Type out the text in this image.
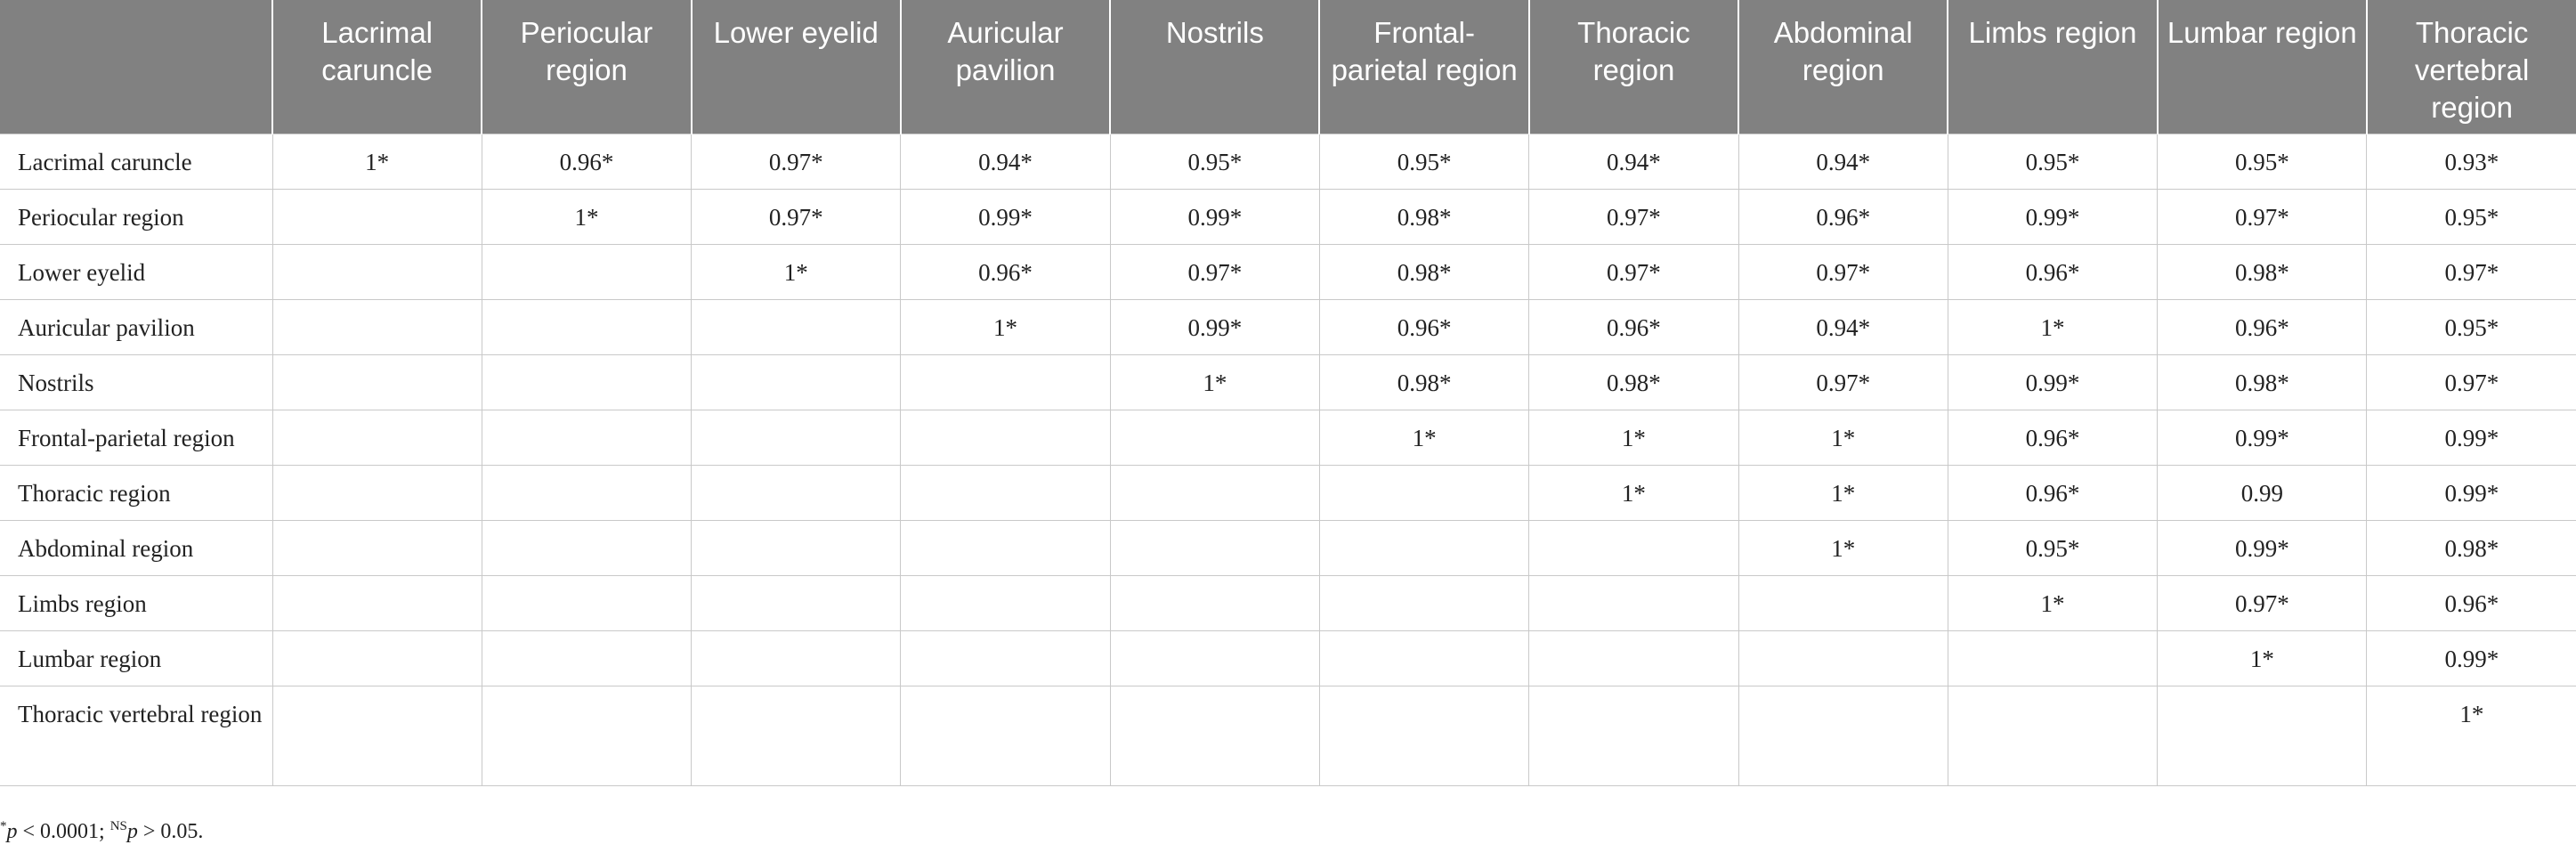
	Lacrimal caruncle	Periocular region	Lower eyelid	Auricular pavilion	Nostrils	Frontal-parietal region	Thoracic region	Abdominal region	Limbs region	Lumbar region	Thoracic vertebral region
Lacrimal caruncle	1*	0.96*	0.97*	0.94*	0.95*	0.95*	0.94*	0.94*	0.95*	0.95*	0.93*
Periocular region		1*	0.97*	0.99*	0.99*	0.98*	0.97*	0.96*	0.99*	0.97*	0.95*
Lower eyelid			1*	0.96*	0.97*	0.98*	0.97*	0.97*	0.96*	0.98*	0.97*
Auricular pavilion				1*	0.99*	0.96*	0.96*	0.94*	1*	0.96*	0.95*
Nostrils					1*	0.98*	0.98*	0.97*	0.99*	0.98*	0.97*
Frontal-parietal region						1*	1*	1*	0.96*	0.99*	0.99*
Thoracic region							1*	1*	0.96*	0.99	0.99*
Abdominal region								1*	0.95*	0.99*	0.98*
Limbs region									1*	0.97*	0.96*
Lumbar region										1*	0.99*
Thoracic vertebral region											1*
*p < 0.0001; $^{NS}$p > 0.05.
